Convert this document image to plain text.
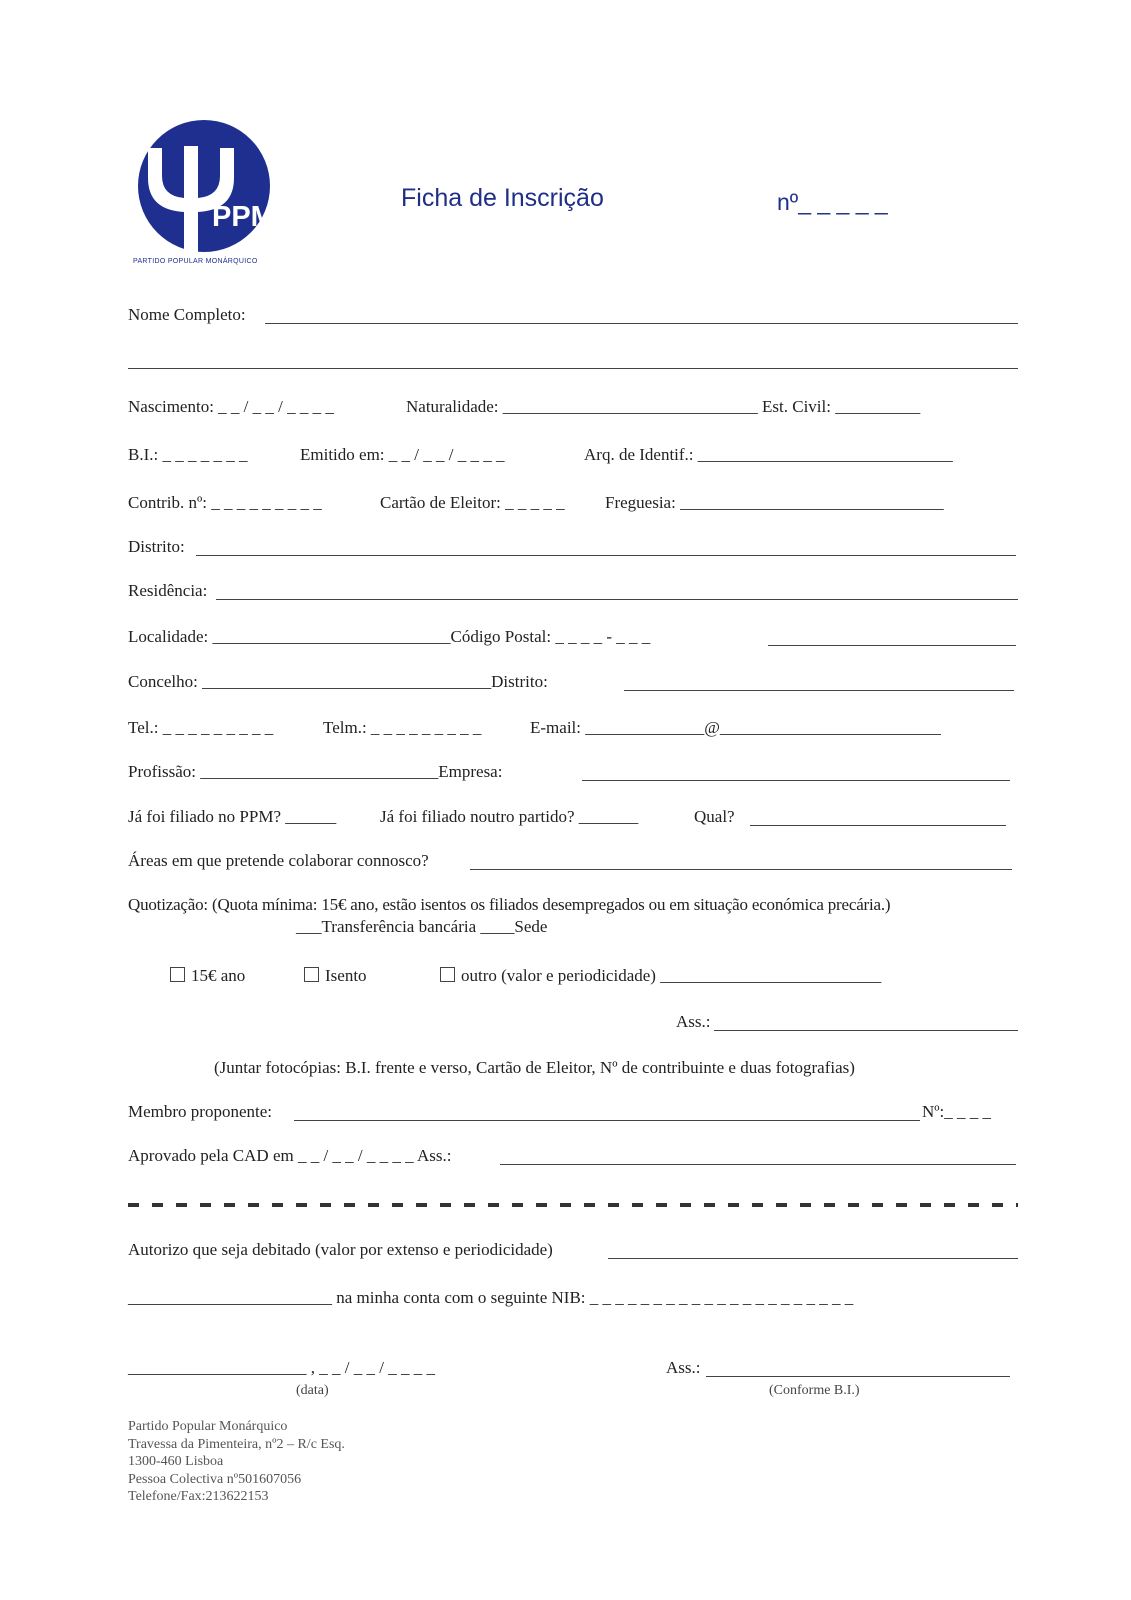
PPM
PARTIDO POPULAR MONÁRQUICO
Ficha de Inscrição	nº_ _ _ _ _
Nome Completo:
Nascimento: _ _ / _ _ / _ _ _ _	Naturalidade: ______________________________ Est. Civil: __________
B.I.: _ _ _ _ _ _ _	Emitido em: _ _ / _ _ / _ _ _ _	Arq. de Identif.: ______________________________
Contrib. nº: _ _ _ _ _ _ _ _ _	Cartão de Eleitor: _ _ _ _ _ Freguesia: _______________________________
Distrito:
Residência:
Localidade: ____________________________Código Postal: _ _ _ _ - _ _ _
Concelho: __________________________________Distrito:
Tel.: _ _ _ _ _ _ _ _ _	Telm.: _ _ _ _ _ _ _ _ _	E-mail: ______________@__________________________
Profissão: ____________________________Empresa:
Já foi filiado no PPM? ______	Já foi filiado noutro partido? _______	Qual?
Áreas em que pretende colaborar connosco?
Quotização: (Quota mínima: 15€ ano, estão isentos os filiados desempregados ou em situação económica precária.)
___Transferência bancária ____Sede
15€ ano	Isento	outro (valor e periodicidade) __________________________
Ass.:
(Juntar fotocópias: B.I. frente e verso, Cartão de Eleitor, Nº de contribuinte e duas fotografias)
Membro proponente:	Nº:_ _ _ _
Aprovado pela CAD em _ _ / _ _ / _ _ _ _ Ass.:
Autorizo que seja debitado (valor por extenso e periodicidade)
________________________ na minha conta com o seguinte NIB: _ _ _ _ _ _ _ _ _ _ _ _ _ _ _ _ _ _ _ _ _
_____________________ , _ _ / _ _ / _ _ _ _
(data)
Ass.:
(Conforme B.I.)
Partido Popular Monárquico
Travessa da Pimenteira, nº2 – R/c Esq.
1300-460 Lisboa
Pessoa Colectiva nº501607056
Telefone/Fax:213622153
